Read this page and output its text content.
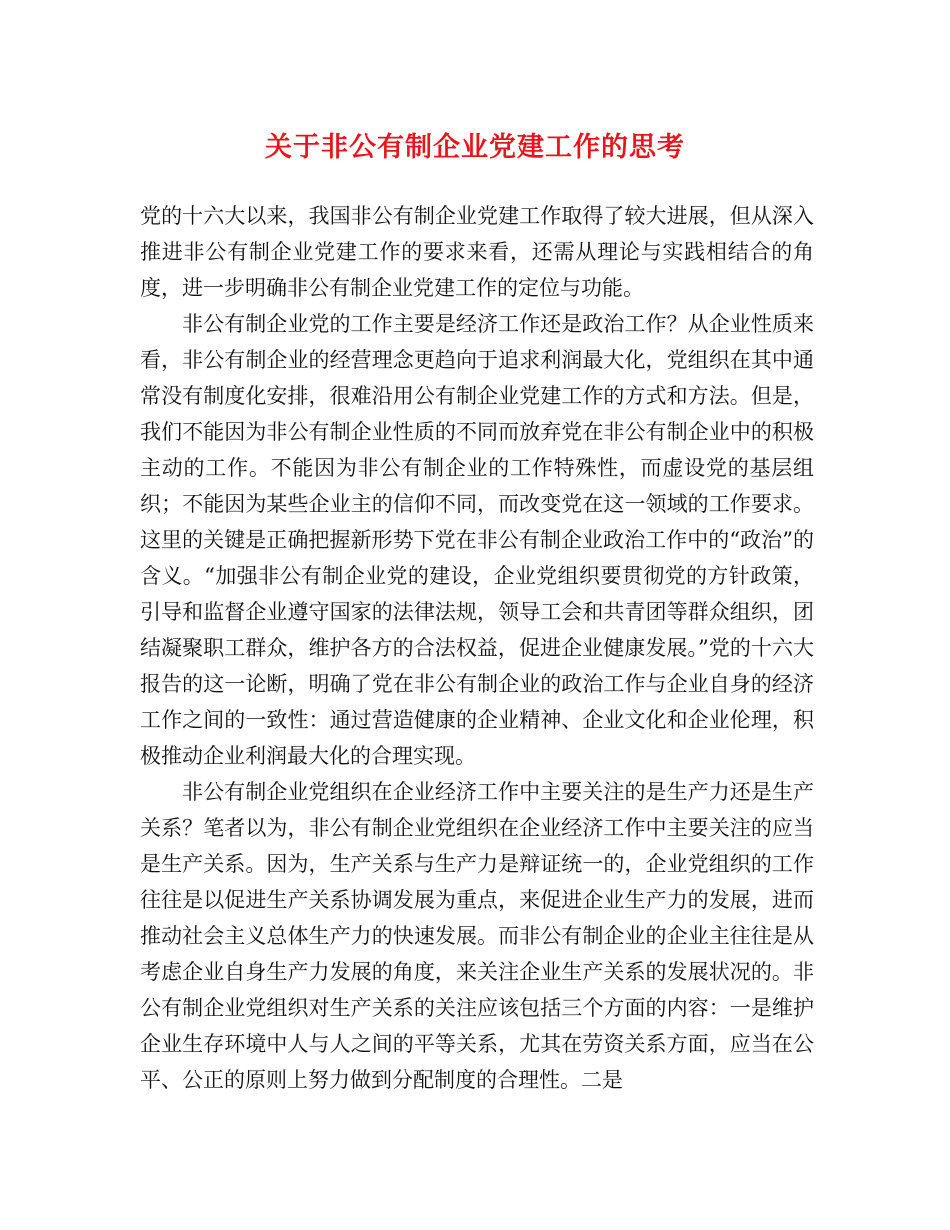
关于非公有制企业党建工作的思考

党的十六大以来，我国非公有制企业党建工作取得了较大进展，但从深入推进非公有制企业党建工作的要求来看，还需从理论与实践相结合的角度，进一步明确非公有制企业党建工作的定位与功能。

非公有制企业党的工作主要是经济工作还是政治工作？从企业性质来看，非公有制企业的经营理念更趋向于追求利润最大化，党组织在其中通常没有制度化安排，很难沿用公有制企业党建工作的方式和方法。但是，我们不能因为非公有制企业性质的不同而放弃党在非公有制企业中的积极主动的工作。不能因为非公有制企业的工作特殊性，而虚设党的基层组织；不能因为某些企业主的信仰不同，而改变党在这一领域的工作要求。这里的关键是正确把握新形势下党在非公有制企业政治工作中的“政治”的含义。“加强非公有制企业党的建设，企业党组织要贯彻党的方针政策，引导和监督企业遵守国家的法律法规，领导工会和共青团等群众组织，团结凝聚职工群众，维护各方的合法权益，促进企业健康发展。”党的十六大报告的这一论断，明确了党在非公有制企业的政治工作与企业自身的经济工作之间的一致性：通过营造健康的企业精神、企业文化和企业伦理，积极推动企业利润最大化的合理实现。

非公有制企业党组织在企业经济工作中主要关注的是生产力还是生产关系？笔者以为，非公有制企业党组织在企业经济工作中主要关注的应当是生产关系。因为，生产关系与生产力是辩证统一的，企业党组织的工作往往是以促进生产关系协调发展为重点，来促进企业生产力的发展，进而推动社会主义总体生产力的快速发展。而非公有制企业的企业主往往是从考虑企业自身生产力发展的角度，来关注企业生产关系的发展状况的。非公有制企业党组织对生产关系的关注应该包括三个方面的内容：一是维护企业生存环境中人与人之间的平等关系，尤其在劳资关系方面，应当在公平、公正的原则上努力做到分配制度的合理性。二是
